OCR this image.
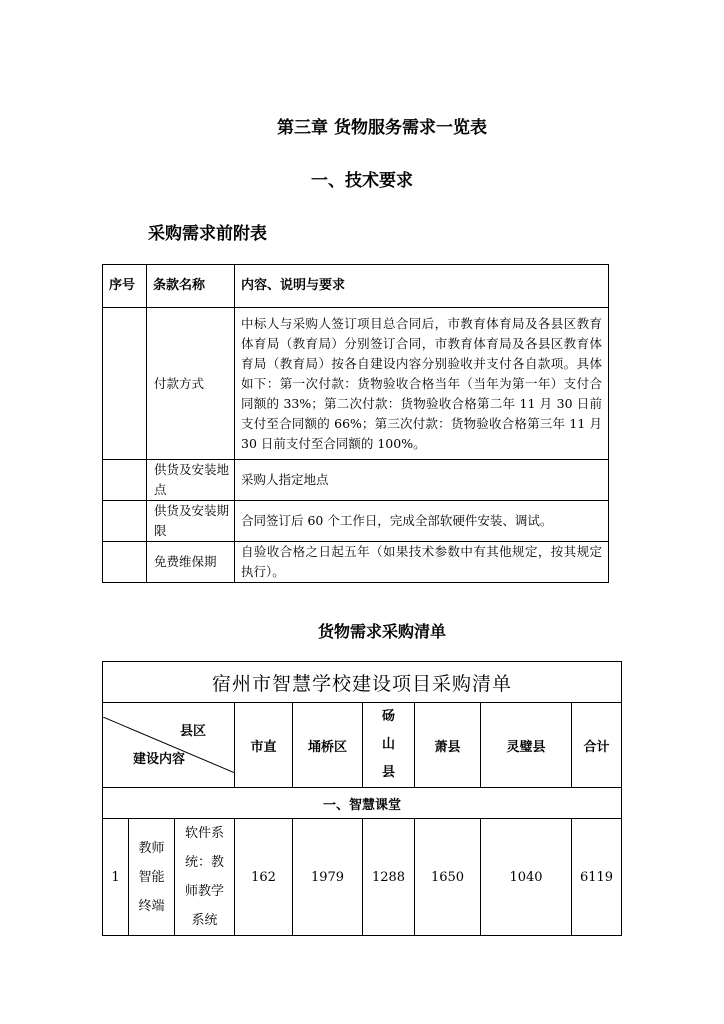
第三章 货物服务需求一览表
一、技术要求
采购需求前附表
序号	条款名称	内容、说明与要求
	付款方式	中标人与采购人签订项目总合同后，市教育体育局及各县区教育体育局（教育局）分别签订合同，市教育体育局及各县区教育体育局（教育局）按各自建设内容分别验收并支付各自款项。具体如下：第一次付款：货物验收合格当年（当年为第一年）支付合同额的 33%；第二次付款：货物验收合格第二年 11 月 30 日前支付至合同额的 66%；第三次付款：货物验收合格第三年 11 月 30 日前支付至合同额的 100%。
	供货及安装地点	采购人指定地点
	供货及安装期限	合同签订后 60 个工作日，完成全部软硬件安装、调试。
	免费维保期	自验收合格之日起五年（如果技术参数中有其他规定，按其规定执行）。
货物需求采购清单
宿州市智慧学校建设项目采购清单								

县区
建设内容			市直	埇桥区	砀山县	萧县	灵璧县	合计
一、智慧课堂								
1	教师智能终端	软件系统：教师教学系统	162	1979	1288	1650	1040	6119
